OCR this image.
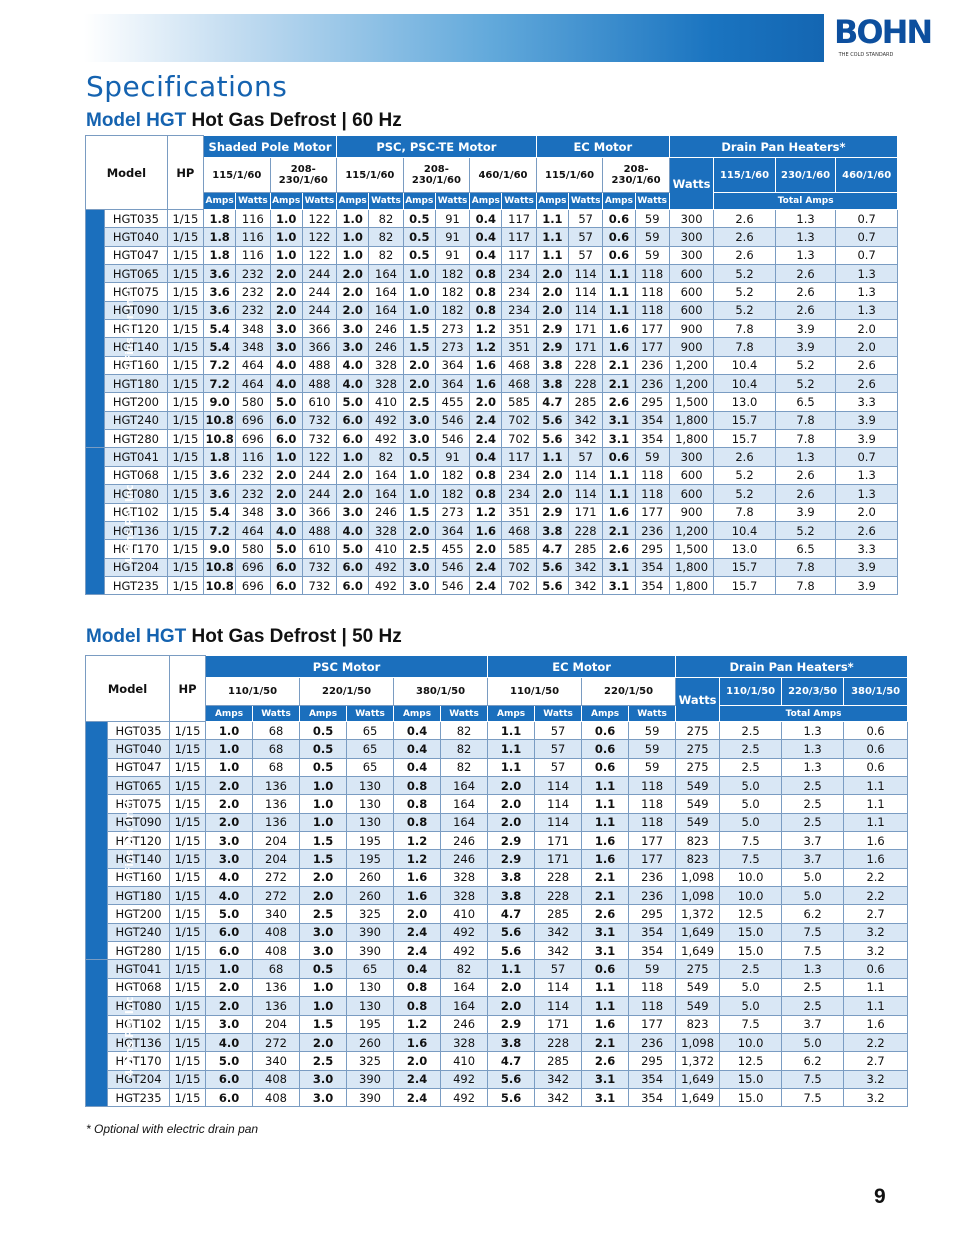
BOHN
THE COLD STANDARD
Specifications
Model HGT Hot Gas Defrost | 60 Hz
Model		HP	Shaded Pole Motor				PSC, PSC-TE Motor						EC Motor				Drain Pan Heaters*			
			115/1/60		208-230/1/60		115/1/60		208-230/1/60		460/1/60		115/1/60		208-230/1/60		Watts	115/1/60	230/1/60	460/1/60
			Amps	Watts	Amps	Watts	Amps	Watts	Amps	Watts	Amps	Watts	Amps	Watts	Amps	Watts		Total Amps		
6 Fins Per Inch	HGT035	1/15	1.8	116	1.0	122	1.0	82	0.5	91	0.4	117	1.1	57	0.6	59	300	2.6	1.3	0.7
	HGT040	1/15	1.8	116	1.0	122	1.0	82	0.5	91	0.4	117	1.1	57	0.6	59	300	2.6	1.3	0.7
	HGT047	1/15	1.8	116	1.0	122	1.0	82	0.5	91	0.4	117	1.1	57	0.6	59	300	2.6	1.3	0.7
	HGT065	1/15	3.6	232	2.0	244	2.0	164	1.0	182	0.8	234	2.0	114	1.1	118	600	5.2	2.6	1.3
	HGT075	1/15	3.6	232	2.0	244	2.0	164	1.0	182	0.8	234	2.0	114	1.1	118	600	5.2	2.6	1.3
	HGT090	1/15	3.6	232	2.0	244	2.0	164	1.0	182	0.8	234	2.0	114	1.1	118	600	5.2	2.6	1.3
	HGT120	1/15	5.4	348	3.0	366	3.0	246	1.5	273	1.2	351	2.9	171	1.6	177	900	7.8	3.9	2.0
	HGT140	1/15	5.4	348	3.0	366	3.0	246	1.5	273	1.2	351	2.9	171	1.6	177	900	7.8	3.9	2.0
	HGT160	1/15	7.2	464	4.0	488	4.0	328	2.0	364	1.6	468	3.8	228	2.1	236	1,200	10.4	5.2	2.6
	HGT180	1/15	7.2	464	4.0	488	4.0	328	2.0	364	1.6	468	3.8	228	2.1	236	1,200	10.4	5.2	2.6
	HGT200	1/15	9.0	580	5.0	610	5.0	410	2.5	455	2.0	585	4.7	285	2.6	295	1,500	13.0	6.5	3.3
	HGT240	1/15	10.8	696	6.0	732	6.0	492	3.0	546	2.4	702	5.6	342	3.1	354	1,800	15.7	7.8	3.9
	HGT280	1/15	10.8	696	6.0	732	6.0	492	3.0	546	2.4	702	5.6	342	3.1	354	1,800	15.7	7.8	3.9
4 Fins Per Inch	HGT041	1/15	1.8	116	1.0	122	1.0	82	0.5	91	0.4	117	1.1	57	0.6	59	300	2.6	1.3	0.7
	HGT068	1/15	3.6	232	2.0	244	2.0	164	1.0	182	0.8	234	2.0	114	1.1	118	600	5.2	2.6	1.3
	HGT080	1/15	3.6	232	2.0	244	2.0	164	1.0	182	0.8	234	2.0	114	1.1	118	600	5.2	2.6	1.3
	HGT102	1/15	5.4	348	3.0	366	3.0	246	1.5	273	1.2	351	2.9	171	1.6	177	900	7.8	3.9	2.0
	HGT136	1/15	7.2	464	4.0	488	4.0	328	2.0	364	1.6	468	3.8	228	2.1	236	1,200	10.4	5.2	2.6
	HGT170	1/15	9.0	580	5.0	610	5.0	410	2.5	455	2.0	585	4.7	285	2.6	295	1,500	13.0	6.5	3.3
	HGT204	1/15	10.8	696	6.0	732	6.0	492	3.0	546	2.4	702	5.6	342	3.1	354	1,800	15.7	7.8	3.9
	HGT235	1/15	10.8	696	6.0	732	6.0	492	3.0	546	2.4	702	5.6	342	3.1	354	1,800	15.7	7.8	3.9
Model HGT Hot Gas Defrost | 50 Hz
Model		HP	PSC Motor						EC Motor				Drain Pan Heaters*			
			110/1/50		220/1/50		380/1/50		110/1/50		220/1/50		Watts	110/1/50	220/3/50	380/1/50
			Amps	Watts	Amps	Watts	Amps	Watts	Amps	Watts	Amps	Watts		Total Amps		
6 Fins Per Inch	HGT035	1/15	1.0	68	0.5	65	0.4	82	1.1	57	0.6	59	275	2.5	1.3	0.6
	HGT040	1/15	1.0	68	0.5	65	0.4	82	1.1	57	0.6	59	275	2.5	1.3	0.6
	HGT047	1/15	1.0	68	0.5	65	0.4	82	1.1	57	0.6	59	275	2.5	1.3	0.6
	HGT065	1/15	2.0	136	1.0	130	0.8	164	2.0	114	1.1	118	549	5.0	2.5	1.1
	HGT075	1/15	2.0	136	1.0	130	0.8	164	2.0	114	1.1	118	549	5.0	2.5	1.1
	HGT090	1/15	2.0	136	1.0	130	0.8	164	2.0	114	1.1	118	549	5.0	2.5	1.1
	HGT120	1/15	3.0	204	1.5	195	1.2	246	2.9	171	1.6	177	823	7.5	3.7	1.6
	HGT140	1/15	3.0	204	1.5	195	1.2	246	2.9	171	1.6	177	823	7.5	3.7	1.6
	HGT160	1/15	4.0	272	2.0	260	1.6	328	3.8	228	2.1	236	1,098	10.0	5.0	2.2
	HGT180	1/15	4.0	272	2.0	260	1.6	328	3.8	228	2.1	236	1,098	10.0	5.0	2.2
	HGT200	1/15	5.0	340	2.5	325	2.0	410	4.7	285	2.6	295	1,372	12.5	6.2	2.7
	HGT240	1/15	6.0	408	3.0	390	2.4	492	5.6	342	3.1	354	1,649	15.0	7.5	3.2
	HGT280	1/15	6.0	408	3.0	390	2.4	492	5.6	342	3.1	354	1,649	15.0	7.5	3.2
4 Fins Per Inch	HGT041	1/15	1.0	68	0.5	65	0.4	82	1.1	57	0.6	59	275	2.5	1.3	0.6
	HGT068	1/15	2.0	136	1.0	130	0.8	164	2.0	114	1.1	118	549	5.0	2.5	1.1
	HGT080	1/15	2.0	136	1.0	130	0.8	164	2.0	114	1.1	118	549	5.0	2.5	1.1
	HGT102	1/15	3.0	204	1.5	195	1.2	246	2.9	171	1.6	177	823	7.5	3.7	1.6
	HGT136	1/15	4.0	272	2.0	260	1.6	328	3.8	228	2.1	236	1,098	10.0	5.0	2.2
	HGT170	1/15	5.0	340	2.5	325	2.0	410	4.7	285	2.6	295	1,372	12.5	6.2	2.7
	HGT204	1/15	6.0	408	3.0	390	2.4	492	5.6	342	3.1	354	1,649	15.0	7.5	3.2
	HGT235	1/15	6.0	408	3.0	390	2.4	492	5.6	342	3.1	354	1,649	15.0	7.5	3.2
* Optional with electric drain pan
9
